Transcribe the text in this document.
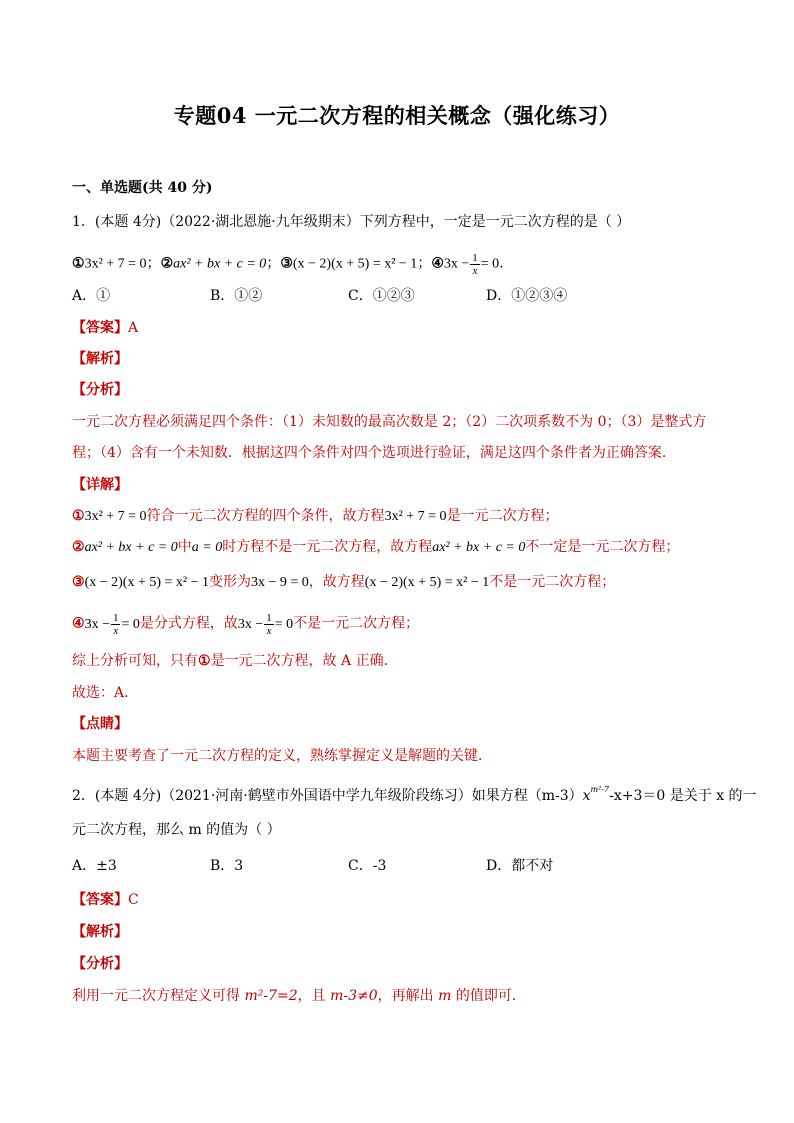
专题04 一元二次方程的相关概念（强化练习）
一、单选题(共 40 分)
1．(本题 4分)（2022·湖北恩施·九年级期末）下列方程中，一定是一元二次方程的是（ ）
①3x² + 7 = 0；②ax² + bx + c = 0；③(x − 2)(x + 5) = x² − 1；④3x − $\frac{1}{x} = 0$．
A．①	B．①②	C．①②③	D．①②③④
【答案】A
【解析】
【分析】
一元二次方程必须满足四个条件：（1）未知数的最高次数是 2；（2）二次项系数不为 0；（3）是整式方
程；（4）含有一个未知数．根据这四个条件对四个选项进行验证，满足这四个条件者为正确答案．
【详解】
①3x² + 7 = 0符合一元二次方程的四个条件，故方程3x² + 7 = 0是一元二次方程；
②ax² + bx + c = 0中a = 0时方程不是一元二次方程，故方程ax² + bx + c = 0不一定是一元二次方程；
③(x − 2)(x + 5) = x² − 1变形为3x − 9 = 0，故方程(x − 2)(x + 5) = x² − 1不是一元二次方程；
④3x − $\frac{1}{x} = 0$是分式方程，故$3x - \frac{1}{x} = 0$不是一元二次方程；
综上分析可知，只有①是一元二次方程，故 A 正确．
故选：A．
【点睛】
本题主要考查了一元二次方程的定义，熟练掌握定义是解题的关键．
2．(本题 4分)（2021·河南·鹤壁市外国语中学九年级阶段练习）如果方程$(m-3)x^{m^2-7}-x+3=0$ 是关于 x 的一
元二次方程，那么 m 的值为（ ）
A．±3	B．3	C．-3	D．都不对
【答案】C
【解析】
【分析】
利用一元二次方程定义可得 m²-7=2，且 m-3≠0，再解出 m 的值即可．
